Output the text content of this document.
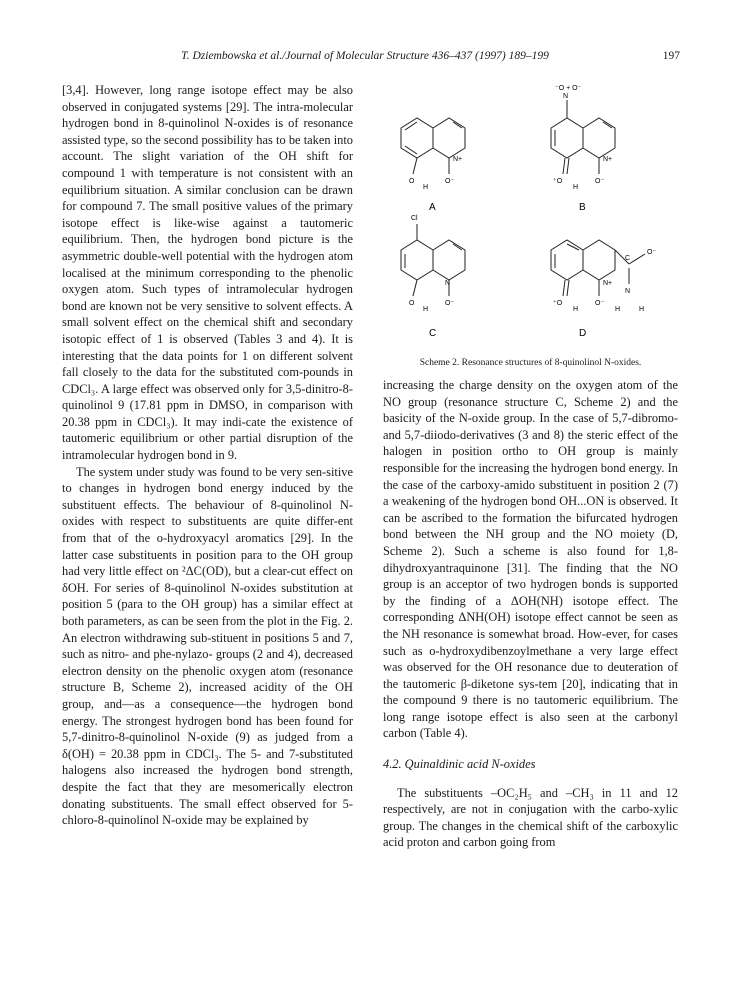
T. Dziembowska et al./Journal of Molecular Structure 436–437 (1997) 189–199	197

[3,4]. However, long range isotope effect may be also observed in conjugated systems [29]. The intra-molecular hydrogen bond in 8-quinolinol N-oxides is of resonance assisted type, so the second possibility has to be taken into account. The slight variation of the OH shift for compound 1 with temperature is not consistent with an equilibrium situation. A similar conclusion can be drawn for compound 7. The small positive values of the primary isotope effect is like-wise against a tautomeric equilibrium. Then, the hydrogen bond picture is the asymmetric double-well potential with the hydrogen atom localised at the minimum corresponding to the phenolic oxygen atom. Such types of intramolecular hydrogen bond are known not be very sensitive to solvent effects. A small solvent effect on the chemical shift and secondary isotopic effect of 1 is observed (Tables 3 and 4). It is interesting that the data points for 1 on different solvent fall closely to the data for the substituted com-pounds in CDCl₃. A large effect was observed only for 3,5-dinitro-8-quinolinol 9 (17.81 ppm in DMSO, in comparison with 20.38 ppm in CDCl₃). It may indi-cate the existence of tautomeric equilibrium or other partial disruption of the intramolecular hydrogen bond in 9.

The system under study was found to be very sen-sitive to changes in hydrogen bond energy induced by the substituent effects. The behaviour of 8-quinolinol N-oxides with respect to substituents are quite differ-ent from that of the o-hydroxyacyl aromatics [29]. In the latter case substituents in position para to the OH group had very little effect on ²ΔC(OD), but a clear-cut effect on δOH. For series of 8-quinolinol N-oxides substitution at position 5 (para to the OH group) has a similar effect at both parameters, as can be seen from the plot in the Fig. 2. An electron withdrawing sub-stituent in positions 5 and 7, such as nitro- and phe-nylazo- groups (2 and 4), decreased electron density on the phenolic oxygen atom (resonance structure B, Scheme 2), increased acidity of the OH group, and—as a consequence—the hydrogen bond energy. The strongest hydrogen bond has been found for 5,7-dinitro-8-quinolinol N-oxide (9) as judged from a δ(OH) = 20.38 ppm in CDCl₃. The 5- and 7-substituted halogens also increased the hydrogen bond strength, despite the fact that they are mesomerically electron donating substituents. The small effect observed for 5-chloro-8-quinolinol N-oxide may be explained by

N+
O⁻
O
H
A
⁻O + O⁻
N
N+
O⁻
⁺O
H
B
Cl
N
O⁻
O
H
C
N+
C
O⁻
N
O⁻
⁺O
H	H	H
D
Scheme 2. Resonance structures of 8-quinolinol N-oxides.

increasing the charge density on the oxygen atom of the NO group (resonance structure C, Scheme 2) and the basicity of the N-oxide group. In the case of 5,7-dibromo- and 5,7-diiodo-derivatives (3 and 8) the steric effect of the halogen in position ortho to OH group is mainly responsible for the increasing the hydrogen bond energy. In the case of the carboxy-amido substituent in position 2 (7) a weakening of the hydrogen bond OH...ON is observed. It can be ascribed to the formation the bifurcated hydrogen bond between the NH group and the NO moiety (D, Scheme 2). Such a scheme is also found for 1,8-dihydroxyantraquinone [31]. The finding that the NO group is an acceptor of two hydrogen bonds is supported by the finding of a ΔOH(NH) isotope effect. The corresponding ΔNH(OH) isotope effect cannot be seen as the NH resonance is somewhat broad. How-ever, for cases such as o-hydroxydibenzoylmethane a very large effect was observed for the OH resonance due to deuteration of the tautomeric β-diketone sys-tem [20], indicating that in the compound 9 there is no tautomeric equilibrium. The long range isotope effect is also seen at the carbonyl carbon (Table 4).

4.2. Quinaldinic acid N-oxides

The substituents –OC₂H₅ and –CH₃ in 11 and 12 respectively, are not in conjugation with the carbo-xylic group. The changes in the chemical shift of the carboxylic acid proton and carbon going from
